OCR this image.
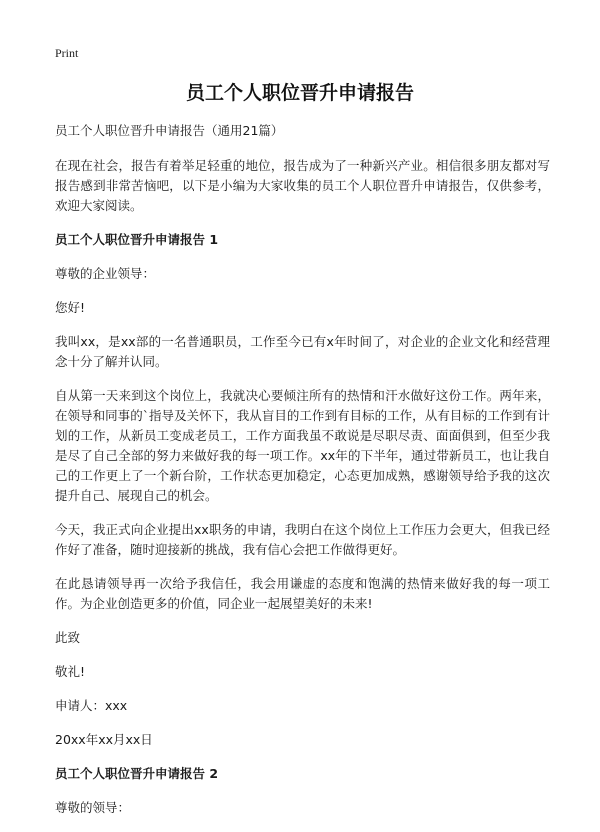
Print
员工个人职位晋升申请报告

员工个人职位晋升申请报告（通用21篇）

在现在社会，报告有着举足轻重的地位，报告成为了一种新兴产业。相信很多朋友都对写报告感到非常苦恼吧，以下是小编为大家收集的员工个人职位晋升申请报告，仅供参考，欢迎大家阅读。

员工个人职位晋升申请报告 1

尊敬的企业领导：

您好!

我叫xx，是xx部的一名普通职员，工作至今已有x年时间了，对企业的企业文化和经营理念十分了解并认同。

自从第一天来到这个岗位上，我就决心要倾注所有的热情和汗水做好这份工作。两年来，在领导和同事的`指导及关怀下，我从盲目的工作到有目标的工作，从有目标的工作到有计划的工作，从新员工变成老员工，工作方面我虽不敢说是尽职尽责、面面俱到，但至少我是尽了自己全部的努力来做好我的每一项工作。xx年的下半年，通过带新员工，也让我自己的工作更上了一个新台阶，工作状态更加稳定，心态更加成熟，感谢领导给予我的这次提升自己、展现自己的机会。

今天，我正式向企业提出xx职务的申请，我明白在这个岗位上工作压力会更大，但我已经作好了准备，随时迎接新的挑战，我有信心会把工作做得更好。

在此恳请领导再一次给予我信任，我会用谦虚的态度和饱满的热情来做好我的每一项工作。为企业创造更多的价值，同企业一起展望美好的未来!

此致

敬礼!

申请人：xxx

20xx年xx月xx日

员工个人职位晋升申请报告 2

尊敬的领导：
